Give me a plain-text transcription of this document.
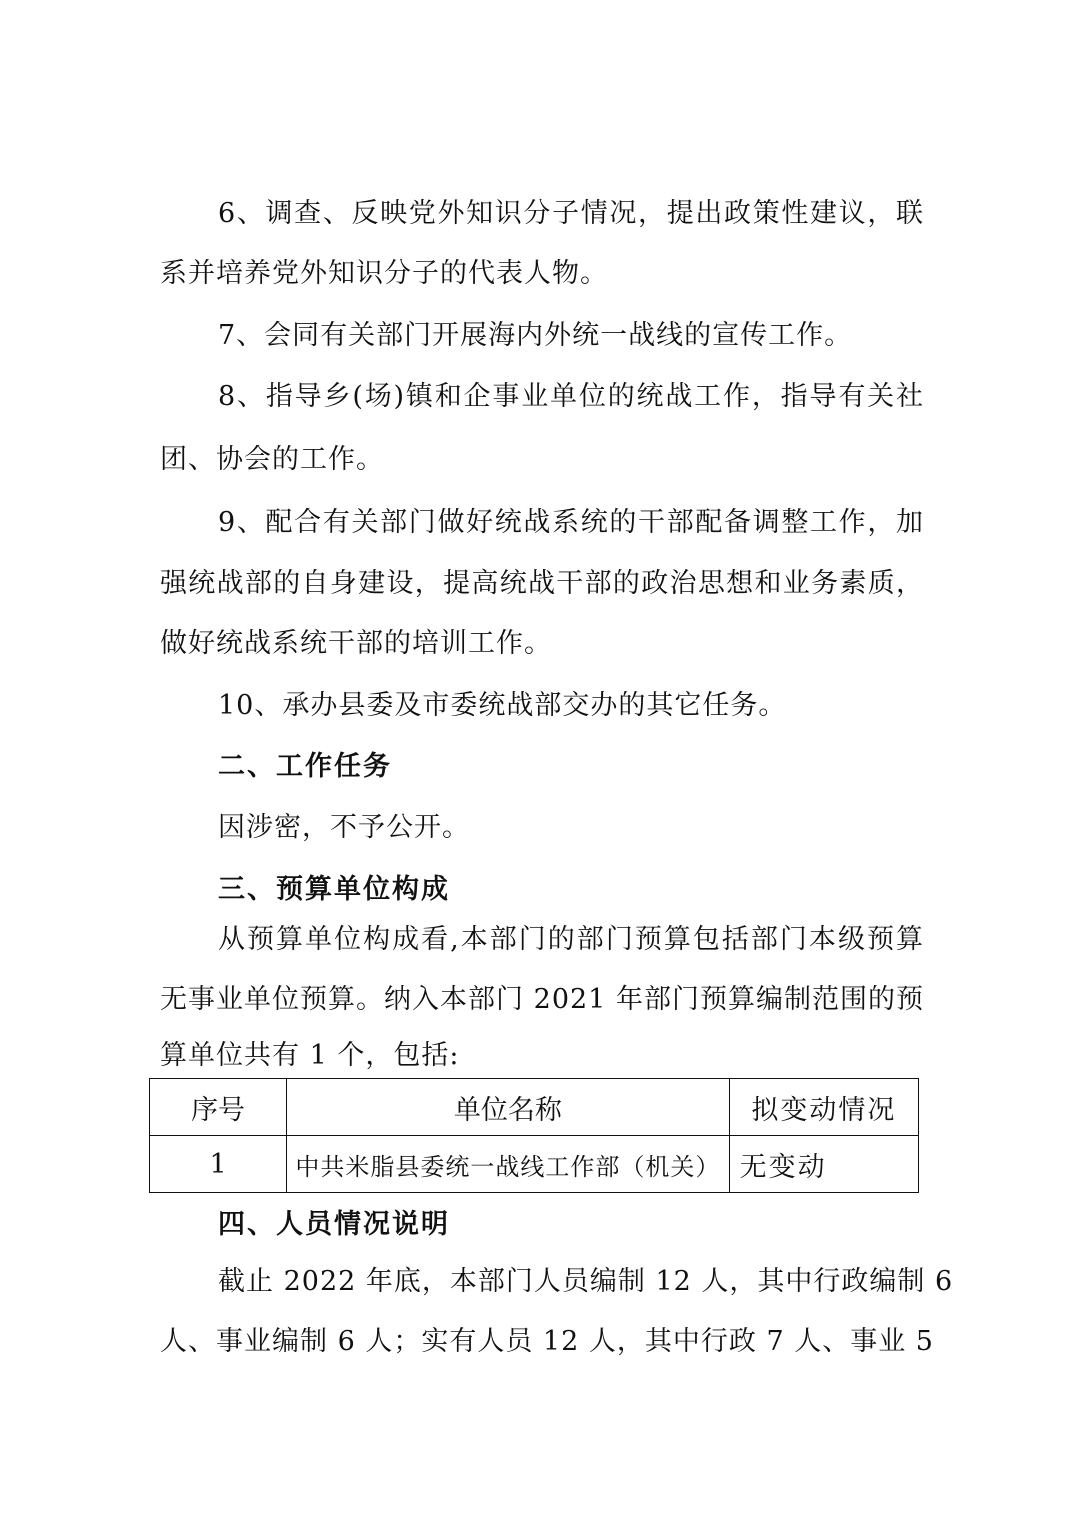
6、调查、反映党外知识分子情况，提出政策性建议，联
系并培养党外知识分子的代表人物。
7、会同有关部门开展海内外统一战线的宣传工作。
8、指导乡(场)镇和企事业单位的统战工作，指导有关社
团、协会的工作。
9、配合有关部门做好统战系统的干部配备调整工作，加
强统战部的自身建设，提高统战干部的政治思想和业务素质，
做好统战系统干部的培训工作。
10、承办县委及市委统战部交办的其它任务。
二、工作任务
因涉密，不予公开。
三、预算单位构成
从预算单位构成看,本部门的部门预算包括部门本级预算
无事业单位预算。纳入本部门 2021 年部门预算编制范围的预
算单位共有 1 个，包括:
序号	单位名称	拟变动情况
1	中共米脂县委统一战线工作部（机关）	无变动
四、人员情况说明
截止 2022 年底，本部门人员编制 12 人，其中行政编制 6
人、事业编制 6 人；实有人员 12 人，其中行政 7 人、事业 5
